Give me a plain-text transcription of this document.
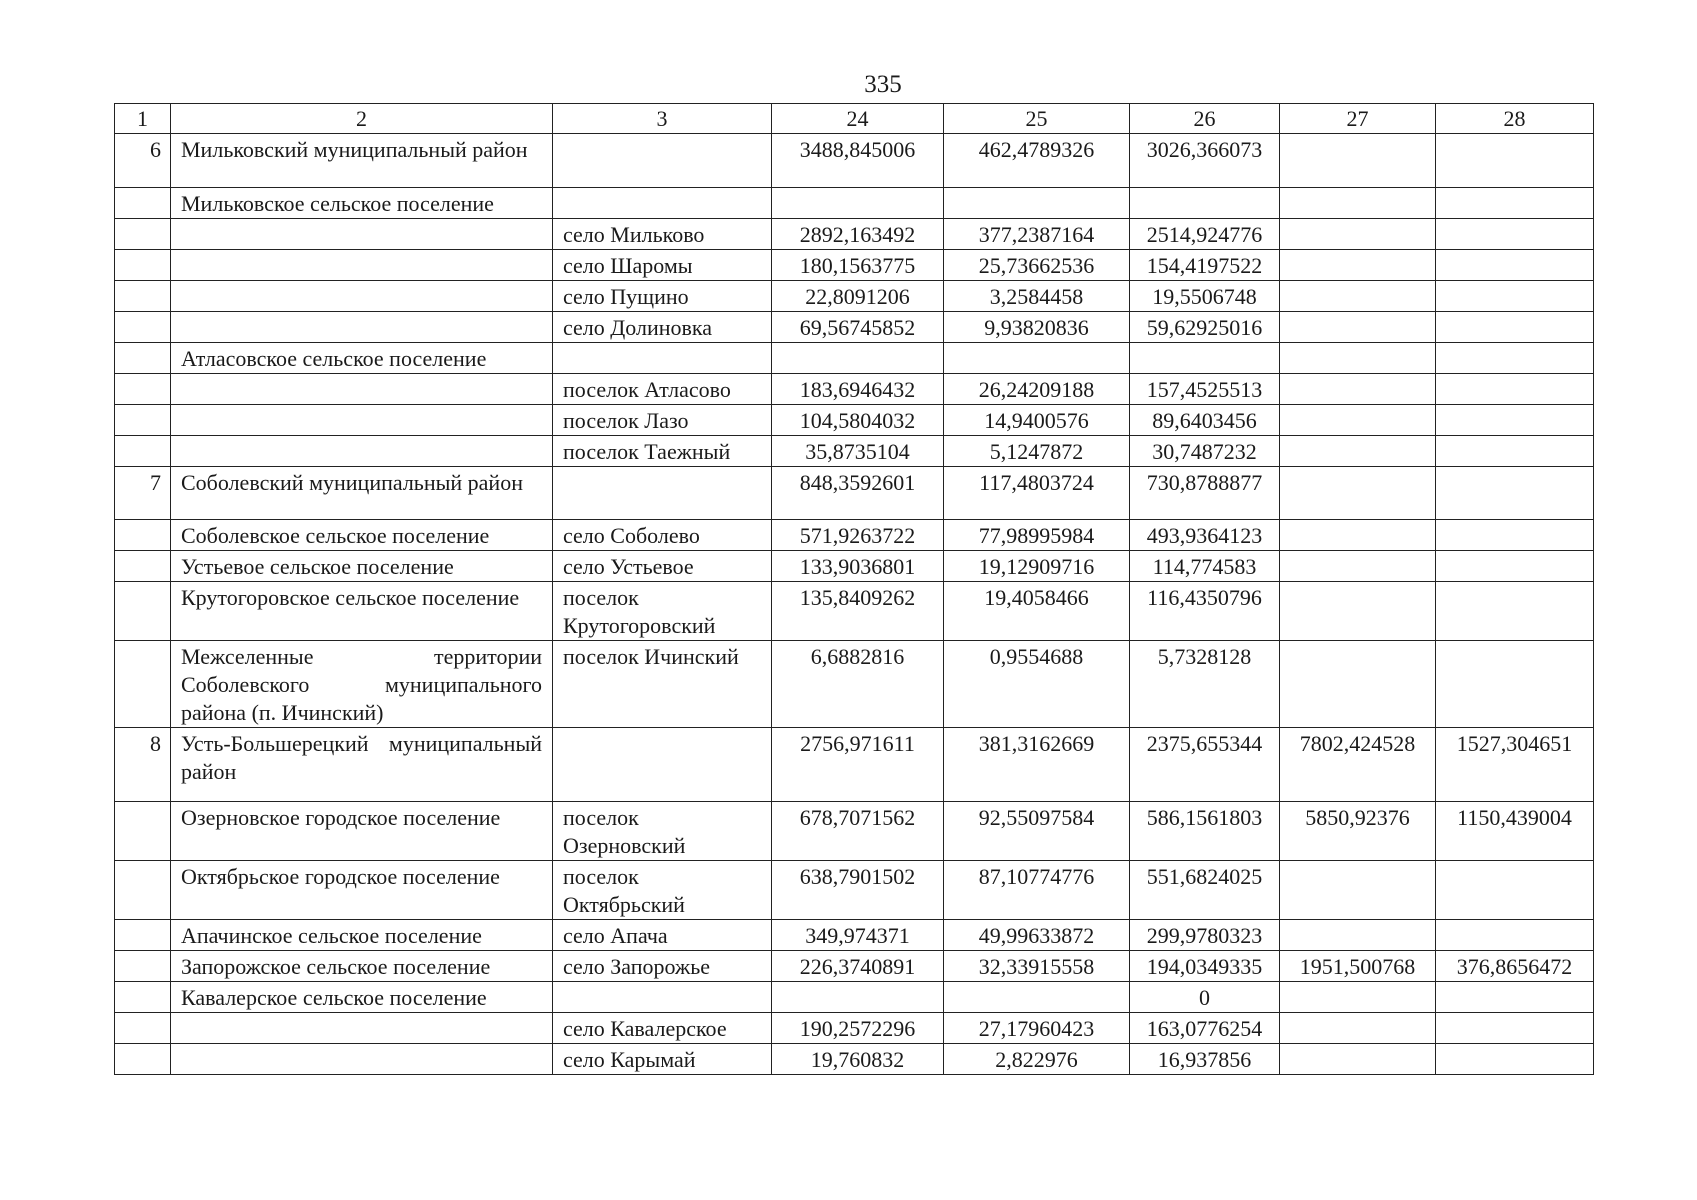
335
1	2	3	24	25	26	27	28
6	Мильковский муниципальный район		3488,845006	462,4789326	3026,366073		
	Мильковское сельское поселение						
		село Мильково	2892,163492	377,2387164	2514,924776		
		село Шаромы	180,1563775	25,73662536	154,4197522		
		село Пущино	22,8091206	3,2584458	19,5506748		
		село Долиновка	69,56745852	9,93820836	59,62925016		
	Атласовское сельское поселение						
		поселок Атласово	183,6946432	26,24209188	157,4525513		
		поселок Лазо	104,5804032	14,9400576	89,6403456		
		поселок Таежный	35,8735104	5,1247872	30,7487232		
7	Соболевский муниципальный район		848,3592601	117,4803724	730,8788877		
	Соболевское сельское поселение	село Соболево	571,9263722	77,98995984	493,9364123		
	Устьевое сельское поселение	село Устьевое	133,9036801	19,12909716	114,774583		
	Крутогоровское сельское поселение	поселок Крутогоровский	135,8409262	19,4058466	116,4350796		
	Межселенные территории Соболевского муниципального района (п. Ичинский)	поселок Ичинский	6,6882816	0,9554688	5,7328128		
8	Усть-Большерецкий муниципальный район		2756,971611	381,3162669	2375,655344	7802,424528	1527,304651
	Озерновское городское поселение	поселок Озерновский	678,7071562	92,55097584	586,1561803	5850,92376	1150,439004
	Октябрьское городское поселение	поселок Октябрьский	638,7901502	87,10774776	551,6824025		
	Апачинское сельское поселение	село Апача	349,974371	49,99633872	299,9780323		
	Запорожское сельское поселение	село Запорожье	226,3740891	32,33915558	194,0349335	1951,500768	376,8656472
	Кавалерское сельское поселение				0		
		село Кавалерское	190,2572296	27,17960423	163,0776254		
		село Карымай	19,760832	2,822976	16,937856		
